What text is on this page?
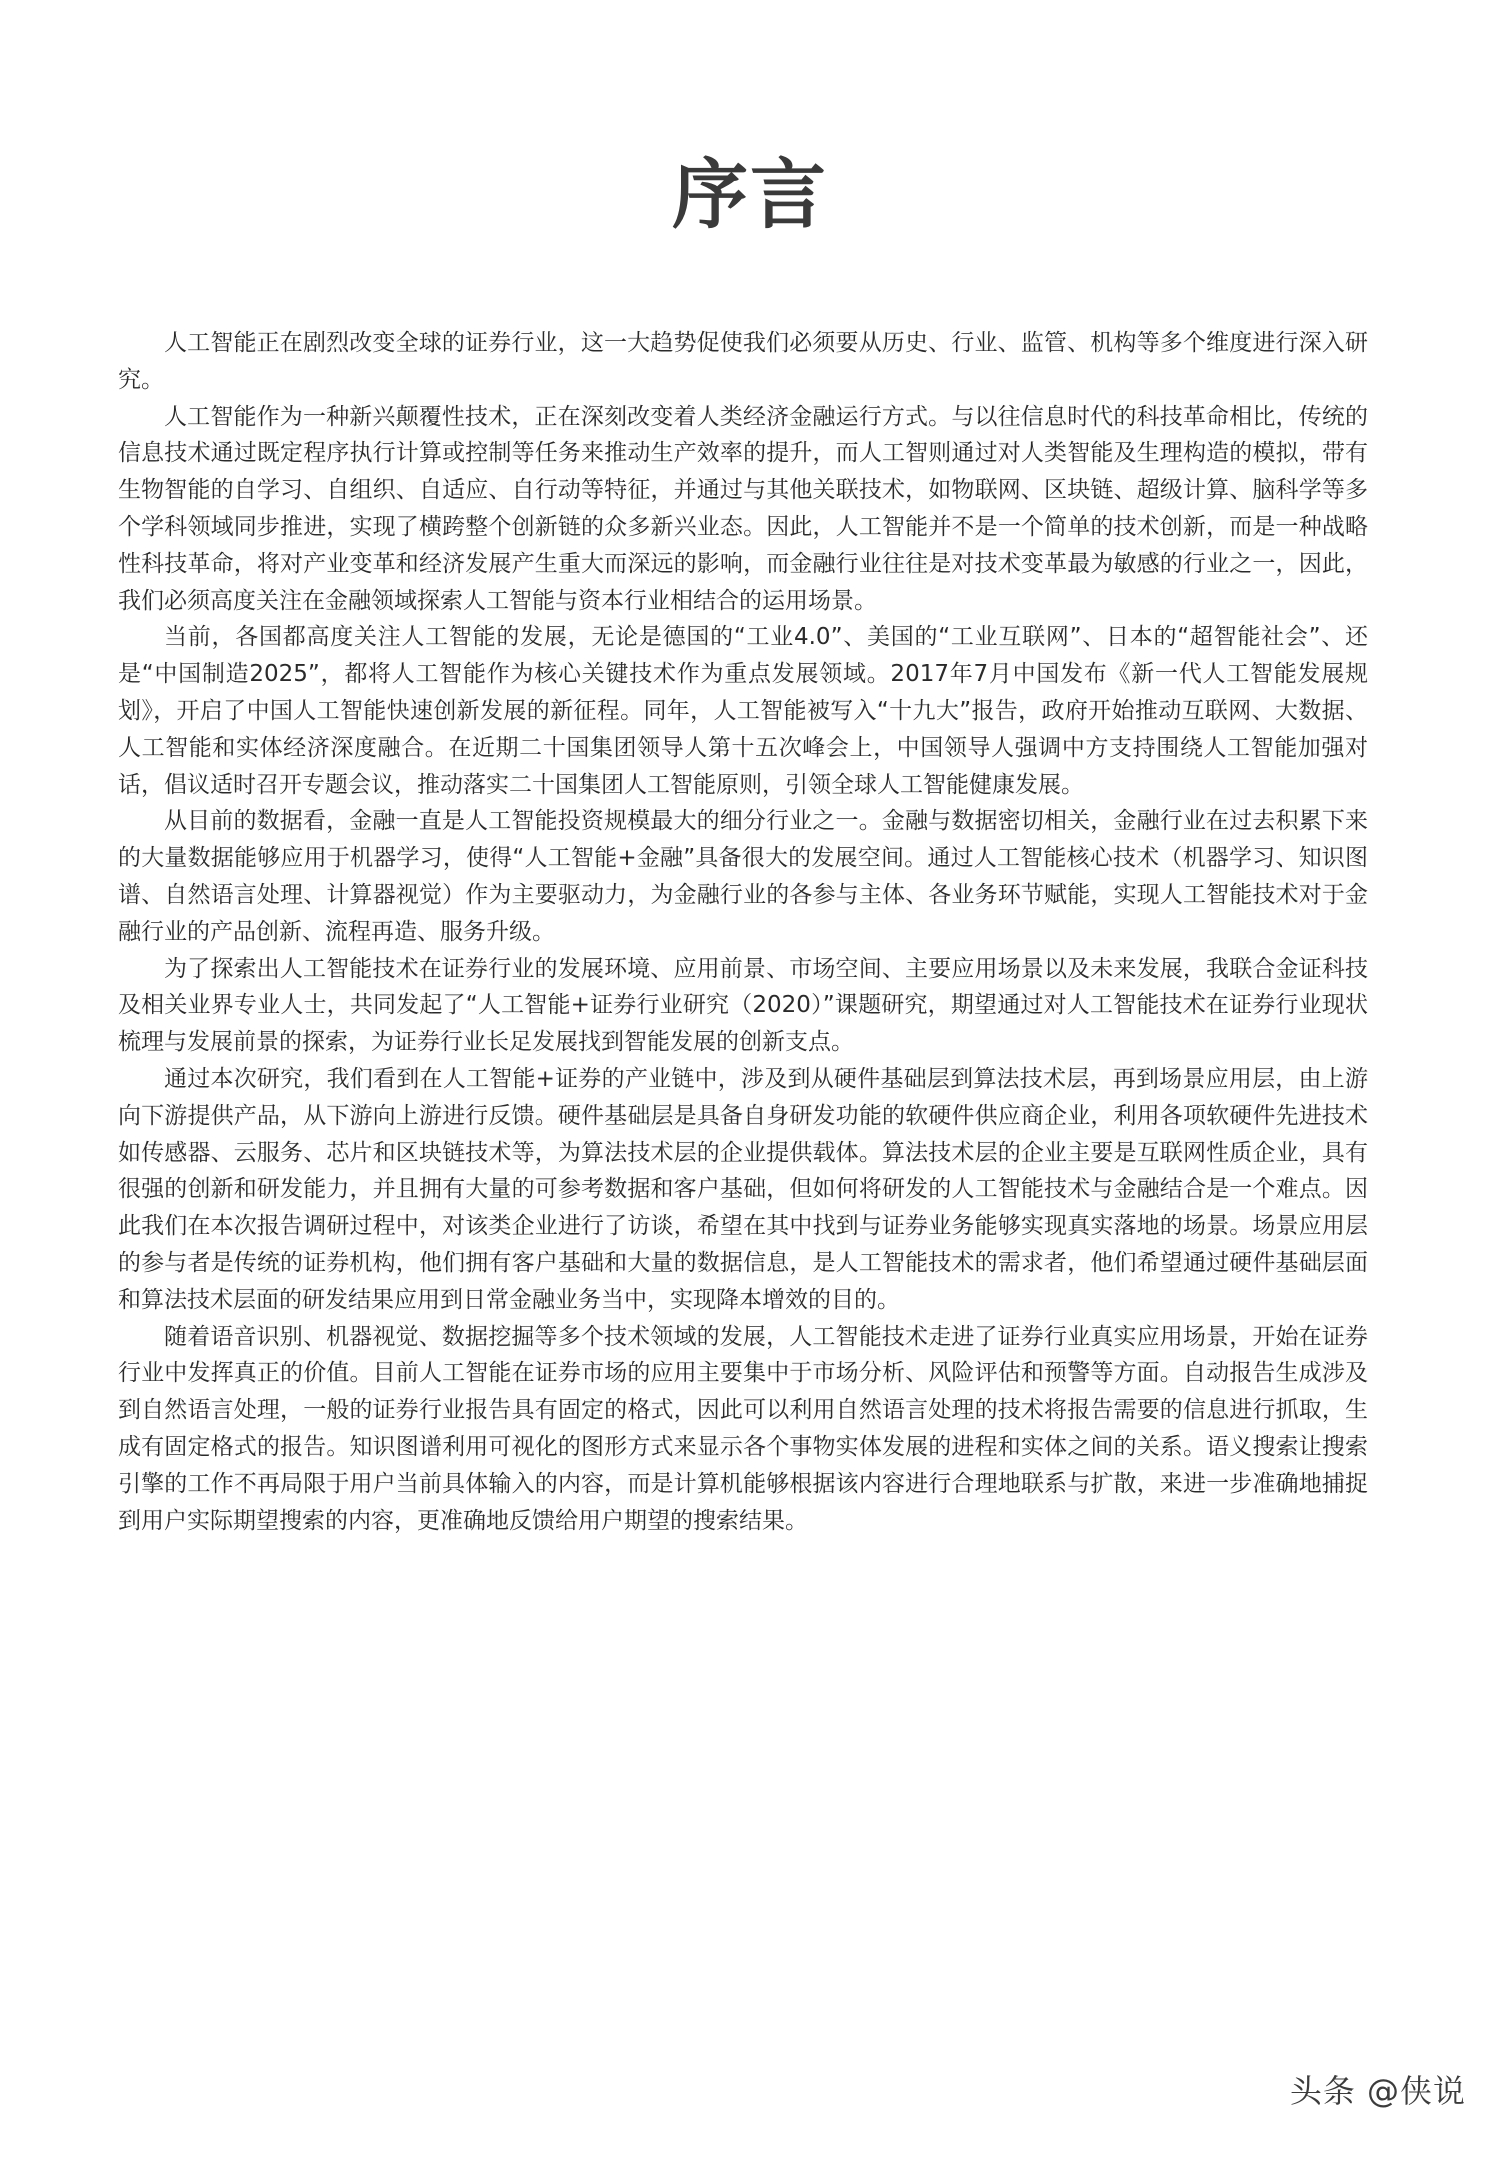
序言

人工智能正在剧烈改变全球的证券行业，这一大趋势促使我们必须要从历史、行业、监管、机构等多个维度进行深入研究。

人工智能作为一种新兴颠覆性技术，正在深刻改变着人类经济金融运行方式。与以往信息时代的科技革命相比，传统的信息技术通过既定程序执行计算或控制等任务来推动生产效率的提升，而人工智则通过对人类智能及生理构造的模拟，带有生物智能的自学习、自组织、自适应、自行动等特征，并通过与其他关联技术，如物联网、区块链、超级计算、脑科学等多个学科领域同步推进，实现了横跨整个创新链的众多新兴业态。因此，人工智能并不是一个简单的技术创新，而是一种战略性科技革命，将对产业变革和经济发展产生重大而深远的影响，而金融行业往往是对技术变革最为敏感的行业之一，因此，我们必须高度关注在金融领域探索人工智能与资本行业相结合的运用场景。

当前，各国都高度关注人工智能的发展，无论是德国的“工业4.0”、美国的“工业互联网”、日本的“超智能社会”、还是“中国制造2025”，都将人工智能作为核心关键技术作为重点发展领域。2017年7月中国发布《新一代人工智能发展规划》，开启了中国人工智能快速创新发展的新征程。同年，人工智能被写入“十九大”报告，政府开始推动互联网、大数据、人工智能和实体经济深度融合。在近期二十国集团领导人第十五次峰会上，中国领导人强调中方支持围绕人工智能加强对话，倡议适时召开专题会议，推动落实二十国集团人工智能原则，引领全球人工智能健康发展。

从目前的数据看，金融一直是人工智能投资规模最大的细分行业之一。金融与数据密切相关，金融行业在过去积累下来的大量数据能够应用于机器学习，使得“人工智能+金融”具备很大的发展空间。通过人工智能核心技术（机器学习、知识图谱、自然语言处理、计算器视觉）作为主要驱动力，为金融行业的各参与主体、各业务环节赋能，实现人工智能技术对于金融行业的产品创新、流程再造、服务升级。

为了探索出人工智能技术在证券行业的发展环境、应用前景、市场空间、主要应用场景以及未来发展，我联合金证科技及相关业界专业人士，共同发起了“人工智能+证券行业研究（2020）”课题研究，期望通过对人工智能技术在证券行业现状梳理与发展前景的探索，为证券行业长足发展找到智能发展的创新支点。

通过本次研究，我们看到在人工智能+证券的产业链中，涉及到从硬件基础层到算法技术层，再到场景应用层，由上游向下游提供产品，从下游向上游进行反馈。硬件基础层是具备自身研发功能的软硬件供应商企业，利用各项软硬件先进技术如传感器、云服务、芯片和区块链技术等，为算法技术层的企业提供载体。算法技术层的企业主要是互联网性质企业，具有很强的创新和研发能力，并且拥有大量的可参考数据和客户基础，但如何将研发的人工智能技术与金融结合是一个难点。因此我们在本次报告调研过程中，对该类企业进行了访谈，希望在其中找到与证券业务能够实现真实落地的场景。场景应用层的参与者是传统的证券机构，他们拥有客户基础和大量的数据信息，是人工智能技术的需求者，他们希望通过硬件基础层面和算法技术层面的研发结果应用到日常金融业务当中，实现降本增效的目的。

随着语音识别、机器视觉、数据挖掘等多个技术领域的发展，人工智能技术走进了证券行业真实应用场景，开始在证券行业中发挥真正的价值。目前人工智能在证券市场的应用主要集中于市场分析、风险评估和预警等方面。自动报告生成涉及到自然语言处理，一般的证券行业报告具有固定的格式，因此可以利用自然语言处理的技术将报告需要的信息进行抓取，生成有固定格式的报告。知识图谱利用可视化的图形方式来显示各个事物实体发展的进程和实体之间的关系。语义搜索让搜索引擎的工作不再局限于用户当前具体输入的内容，而是计算机能够根据该内容进行合理地联系与扩散，来进一步准确地捕捉到用户实际期望搜索的内容，更准确地反馈给用户期望的搜索结果。

头条 @侠说
